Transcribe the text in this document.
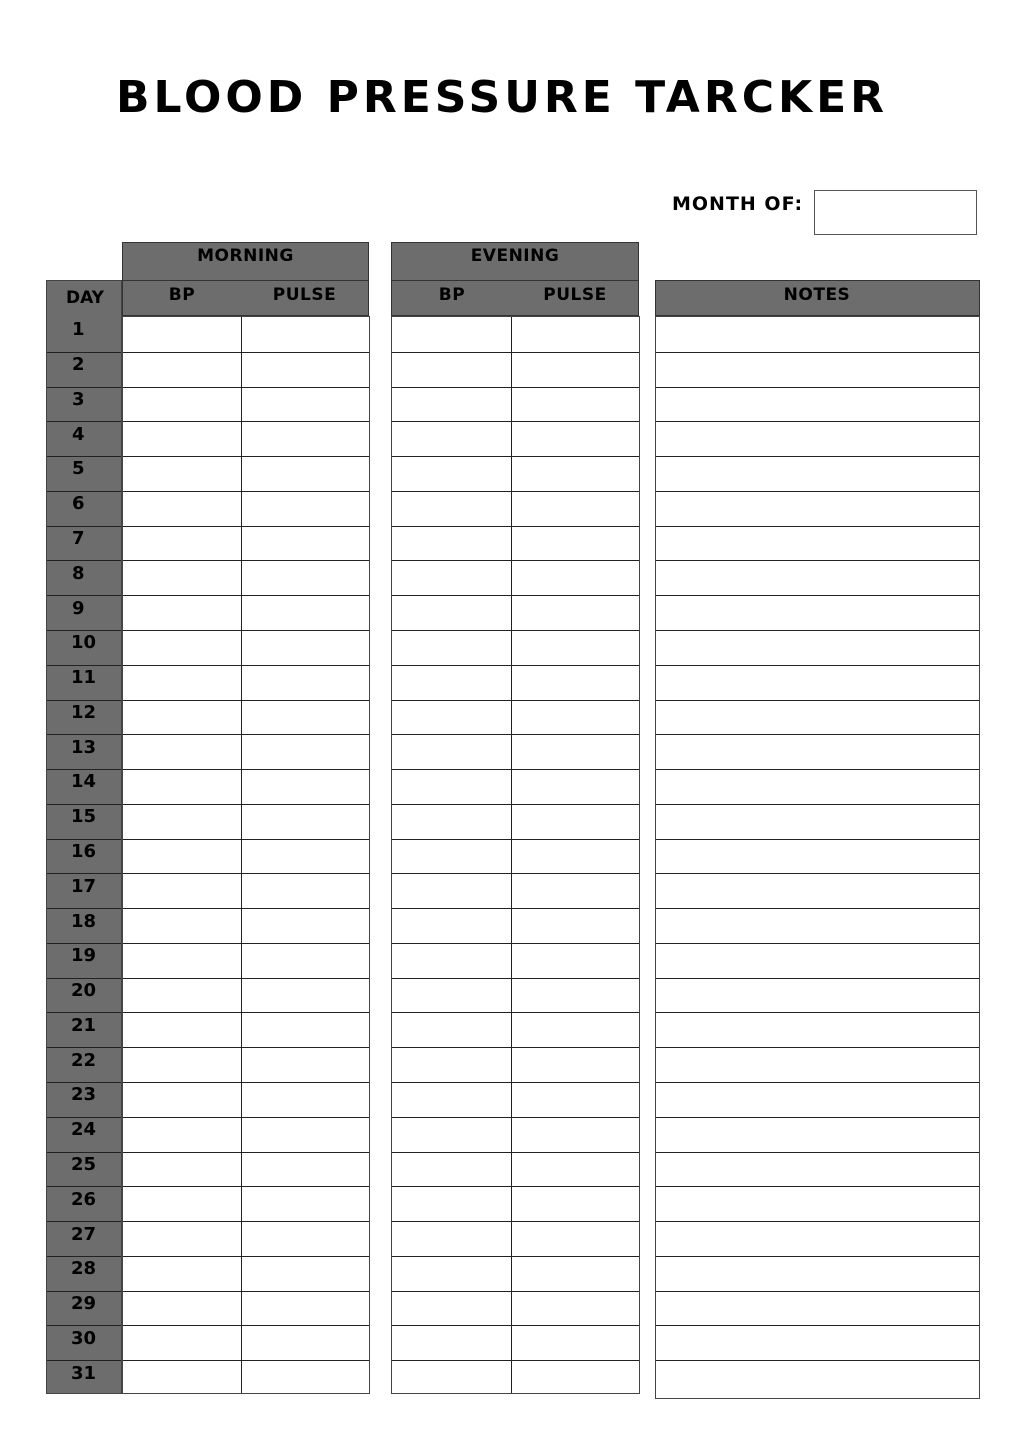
BLOOD PRESSURE TARCKER
MONTH OF:
MORNING	EVENING
DAY	BP	PULSE	BP	PULSE	NOTES
1
2
3
4
5
6
7
8
9
10
11
12
13
14
15
16
17
18
19
20
21
22
23
24
25
26
27
28
29
30
31
